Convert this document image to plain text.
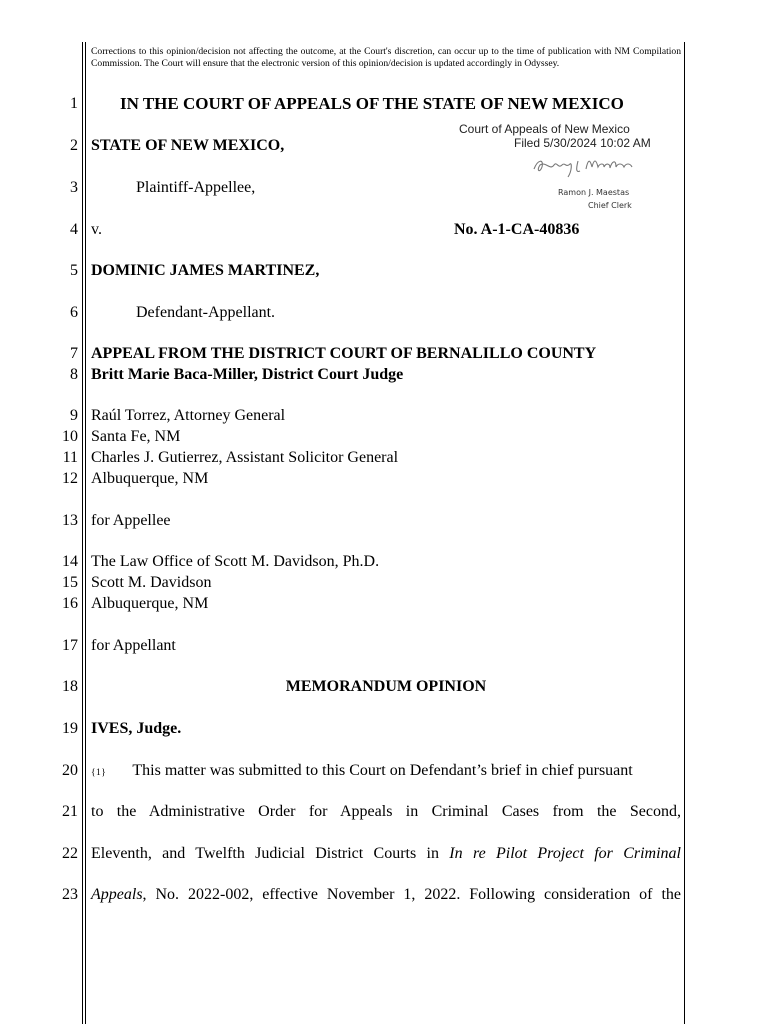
Corrections to this opinion/decision not affecting the outcome, at the Court's discretion, can occur up to the time of publication with NM Compilation Commission. The Court will ensure that the electronic version of this opinion/decision is updated accordingly in Odyssey.
1
2
3
4
5
6
7
8
9
10
11
12
13
14
15
16
17
18
19
20
21
22
23
IN THE COURT OF APPEALS OF THE STATE OF NEW MEXICO
Court of Appeals of New Mexico
Filed 5/30/2024 10:02 AM
Ramon J. Maestas
Chief Clerk
STATE OF NEW MEXICO,
Plaintiff-Appellee,
v.	No. A-1-CA-40836
DOMINIC JAMES MARTINEZ,
Defendant-Appellant.
APPEAL FROM THE DISTRICT COURT OF BERNALILLO COUNTY
Britt Marie Baca-Miller, District Court Judge
Raúl Torrez, Attorney General
Santa Fe, NM
Charles J. Gutierrez, Assistant Solicitor General
Albuquerque, NM
for Appellee
The Law Office of Scott M. Davidson, Ph.D.
Scott M. Davidson
Albuquerque, NM
for Appellant
MEMORANDUM OPINION
IVES, Judge.
{1} This matter was submitted to this Court on Defendant’s brief in chief pursuant
to the Administrative Order for Appeals in Criminal Cases from the Second,
Eleventh, and Twelfth Judicial District Courts in In re Pilot Project for Criminal
Appeals, No. 2022-002, effective November 1, 2022. Following consideration of the
